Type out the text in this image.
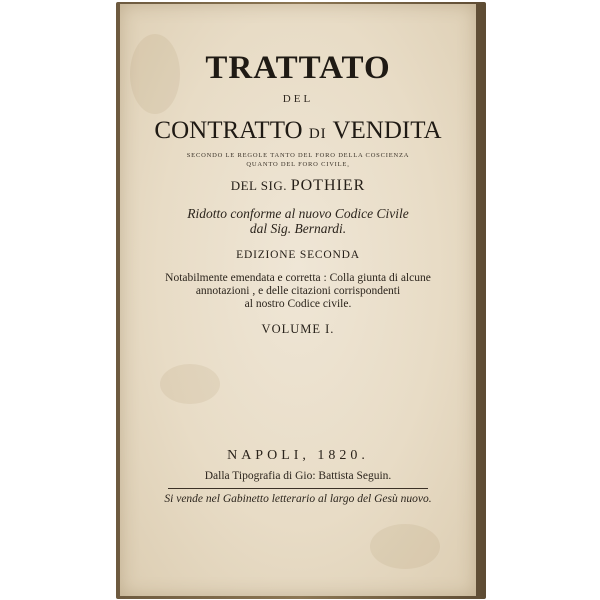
TRATTATO
DEL
CONTRATTO DI VENDITA
SECONDO LE REGOLE TANTO DEL FORO DELLA COSCIENZA
QUANTO DEL FORO CIVILE,
DEL SIG. POTHIER
Ridotto conforme al nuovo Codice Civile
dal Sig. Bernardi.
EDIZIONE SECONDA
Notabilmente emendata e corretta : Colla giunta di alcune
annotazioni , e delle citazioni corrispondenti
al nostro Codice civile.
VOLUME I.
NAPOLI, 1820.
Dalla Tipografia di Gio: Battista Seguin.
Si vende nel Gabinetto letterario al largo del Gesù nuovo.
